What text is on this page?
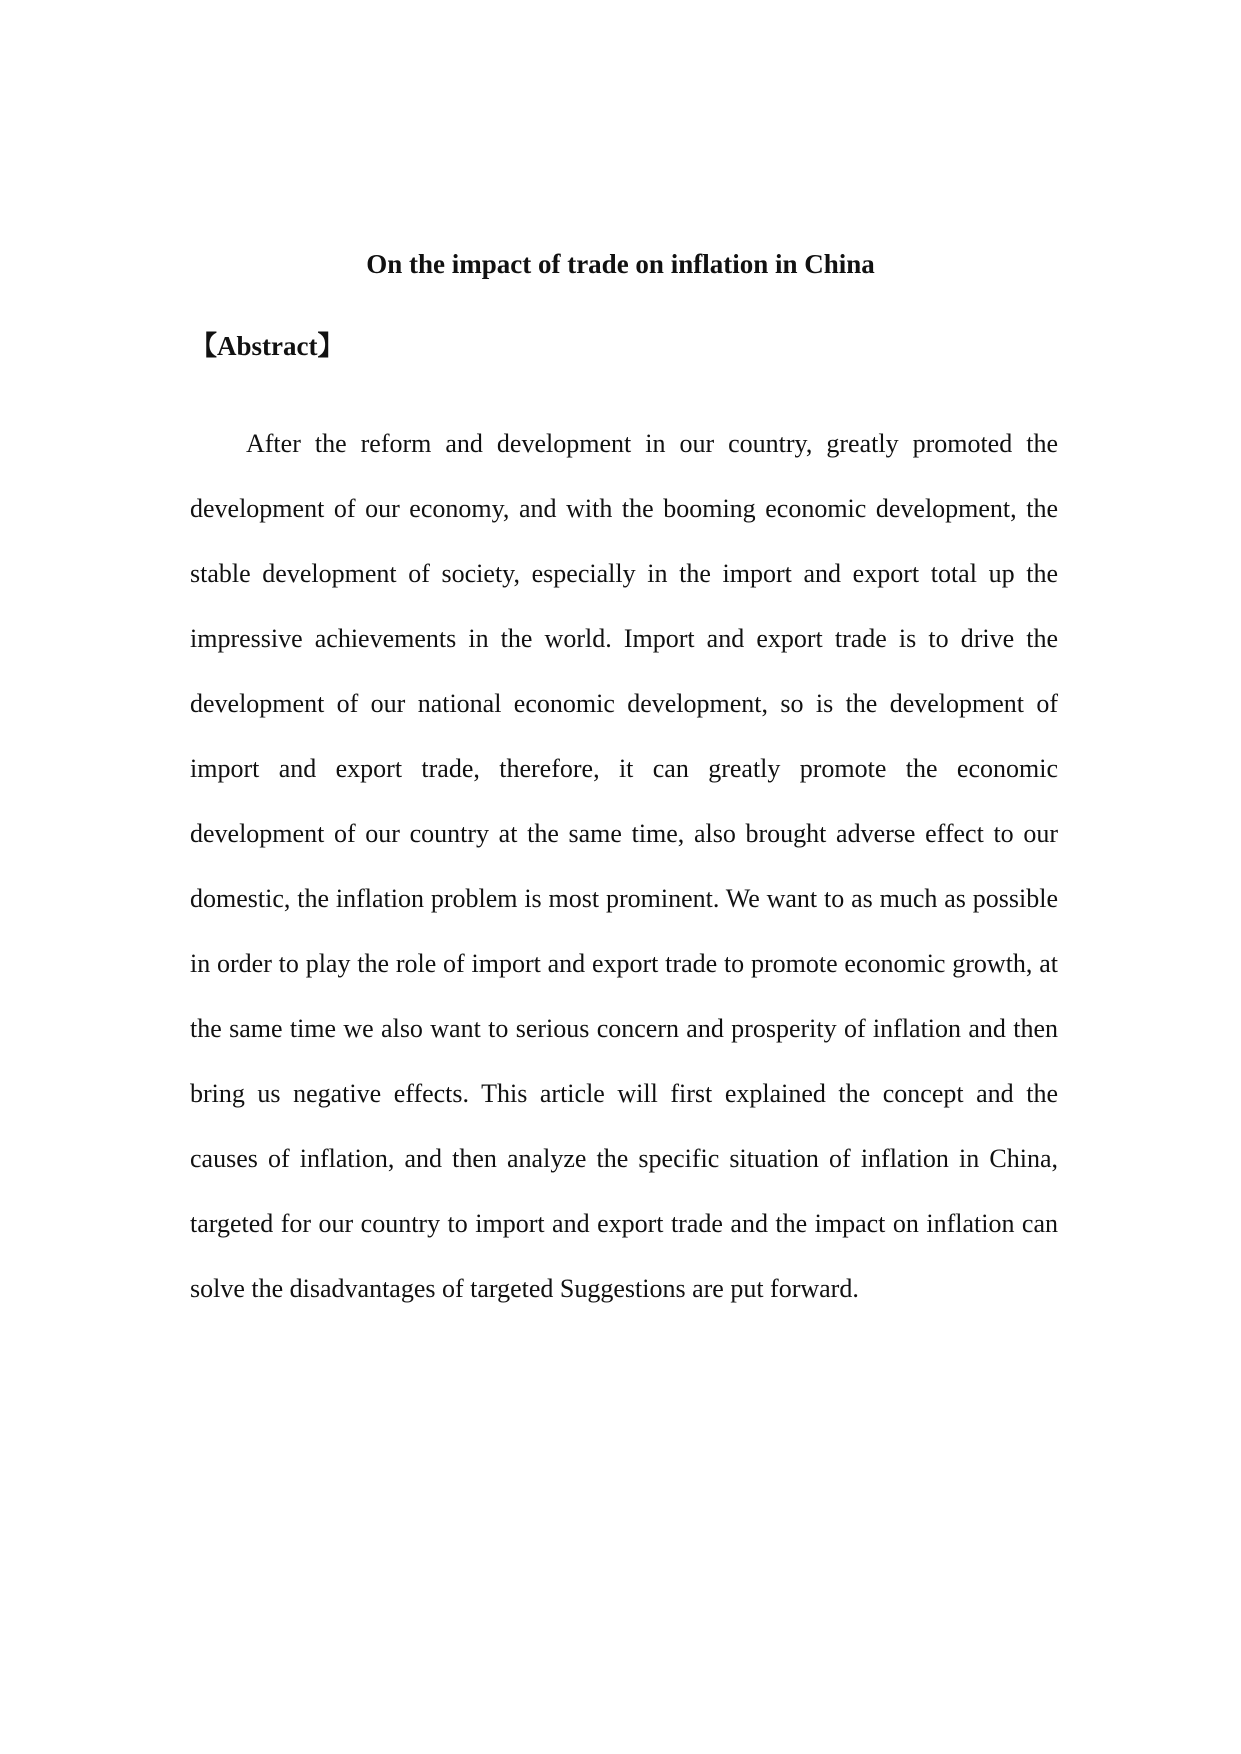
On the impact of trade on inflation in China
【Abstract】

After the reform and development in our country, greatly promoted the development of our economy, and with the booming economic development, the stable development of society, especially in the import and export total up the impressive achievements in the world. Import and export trade is to drive the development of our national economic development, so is the development of import and export trade, therefore, it can greatly promote the economic development of our country at the same time, also brought adverse effect to our domestic, the inflation problem is most prominent. We want to as much as possible in order to play the role of import and export trade to promote economic growth, at the same time we also want to serious concern and prosperity of inflation and then bring us negative effects. This article will first explained the concept and the causes of inflation, and then analyze the specific situation of inflation in China, targeted for our country to import and export trade and the impact on inflation can solve the disadvantages of targeted Suggestions are put forward.
